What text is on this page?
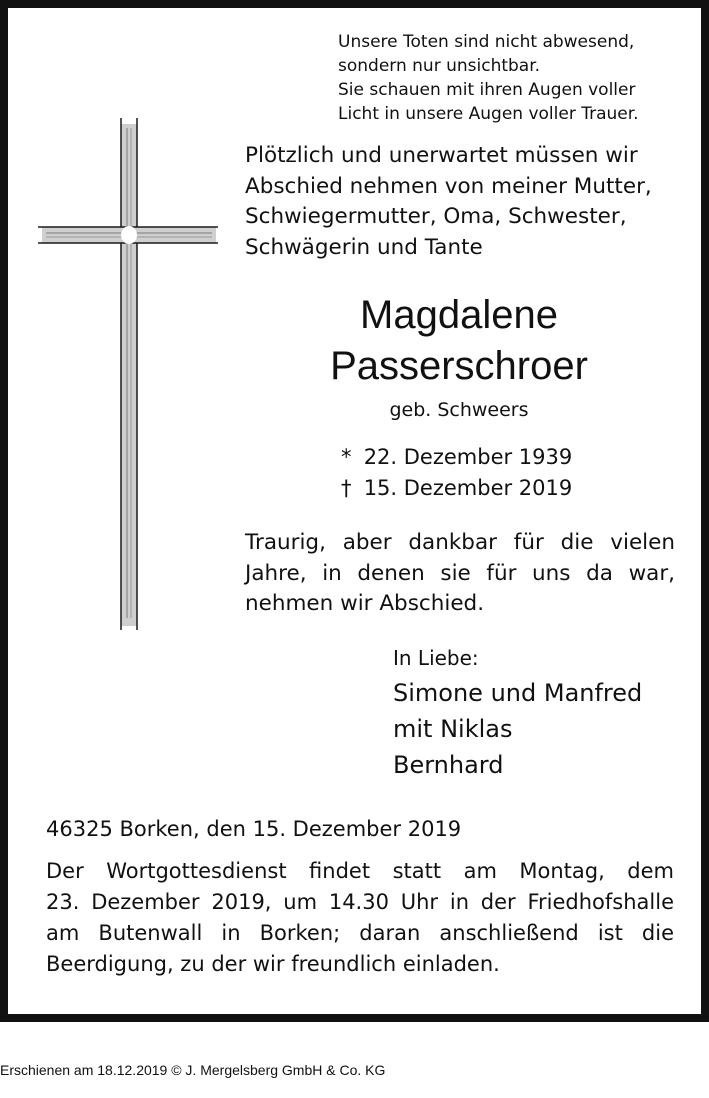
Unsere Toten sind nicht abwesend,
sondern nur unsichtbar.
Sie schauen mit ihren Augen voller
Licht in unsere Augen voller Trauer.
Plötzlich und unerwartet müssen wir
Abschied nehmen von meiner Mutter,
Schwiegermutter, Oma, Schwester,
Schwägerin und Tante
Magdalene
Passerschroer
geb. Schweers
* 22. Dezember 1939
† 15. Dezember 2019
Traurig, aber dankbar für die vielen
Jahre, in denen sie für uns da war,
nehmen wir Abschied.
In Liebe:
Simone und Manfred
mit Niklas
Bernhard
46325 Borken, den 15. Dezember 2019
Der Wortgottesdienst findet statt am Montag, dem
23. Dezember 2019, um 14.30 Uhr in der Friedhofshalle
am Butenwall in Borken; daran anschließend ist die
Beerdigung, zu der wir freundlich einladen.
Erschienen am 18.12.2019 © J. Mergelsberg GmbH & Co. KG
